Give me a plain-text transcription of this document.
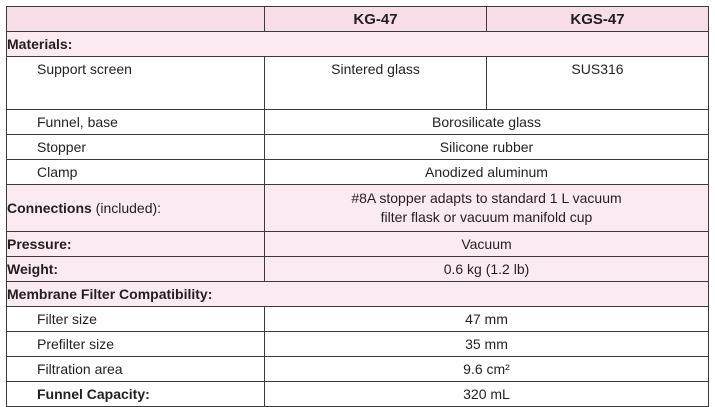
	KG-47	KGS-47
Materials:		
Support screen	Sintered glass	SUS316
Funnel, base	Borosilicate glass	
Stopper	Silicone rubber	
Clamp	Anodized aluminum	
Connections (included):	#8A stopper adapts to standard 1 L vacuum
filter flask or vacuum manifold cup	

Pressure:	Vacuum	
Weight:	0.6 kg (1.2 lb)	
Membrane Filter Compatibility:		
Filter size	47 mm	
Prefilter size	35 mm	
Filtration area	9.6 cm²	
Funnel Capacity:	320 mL	
